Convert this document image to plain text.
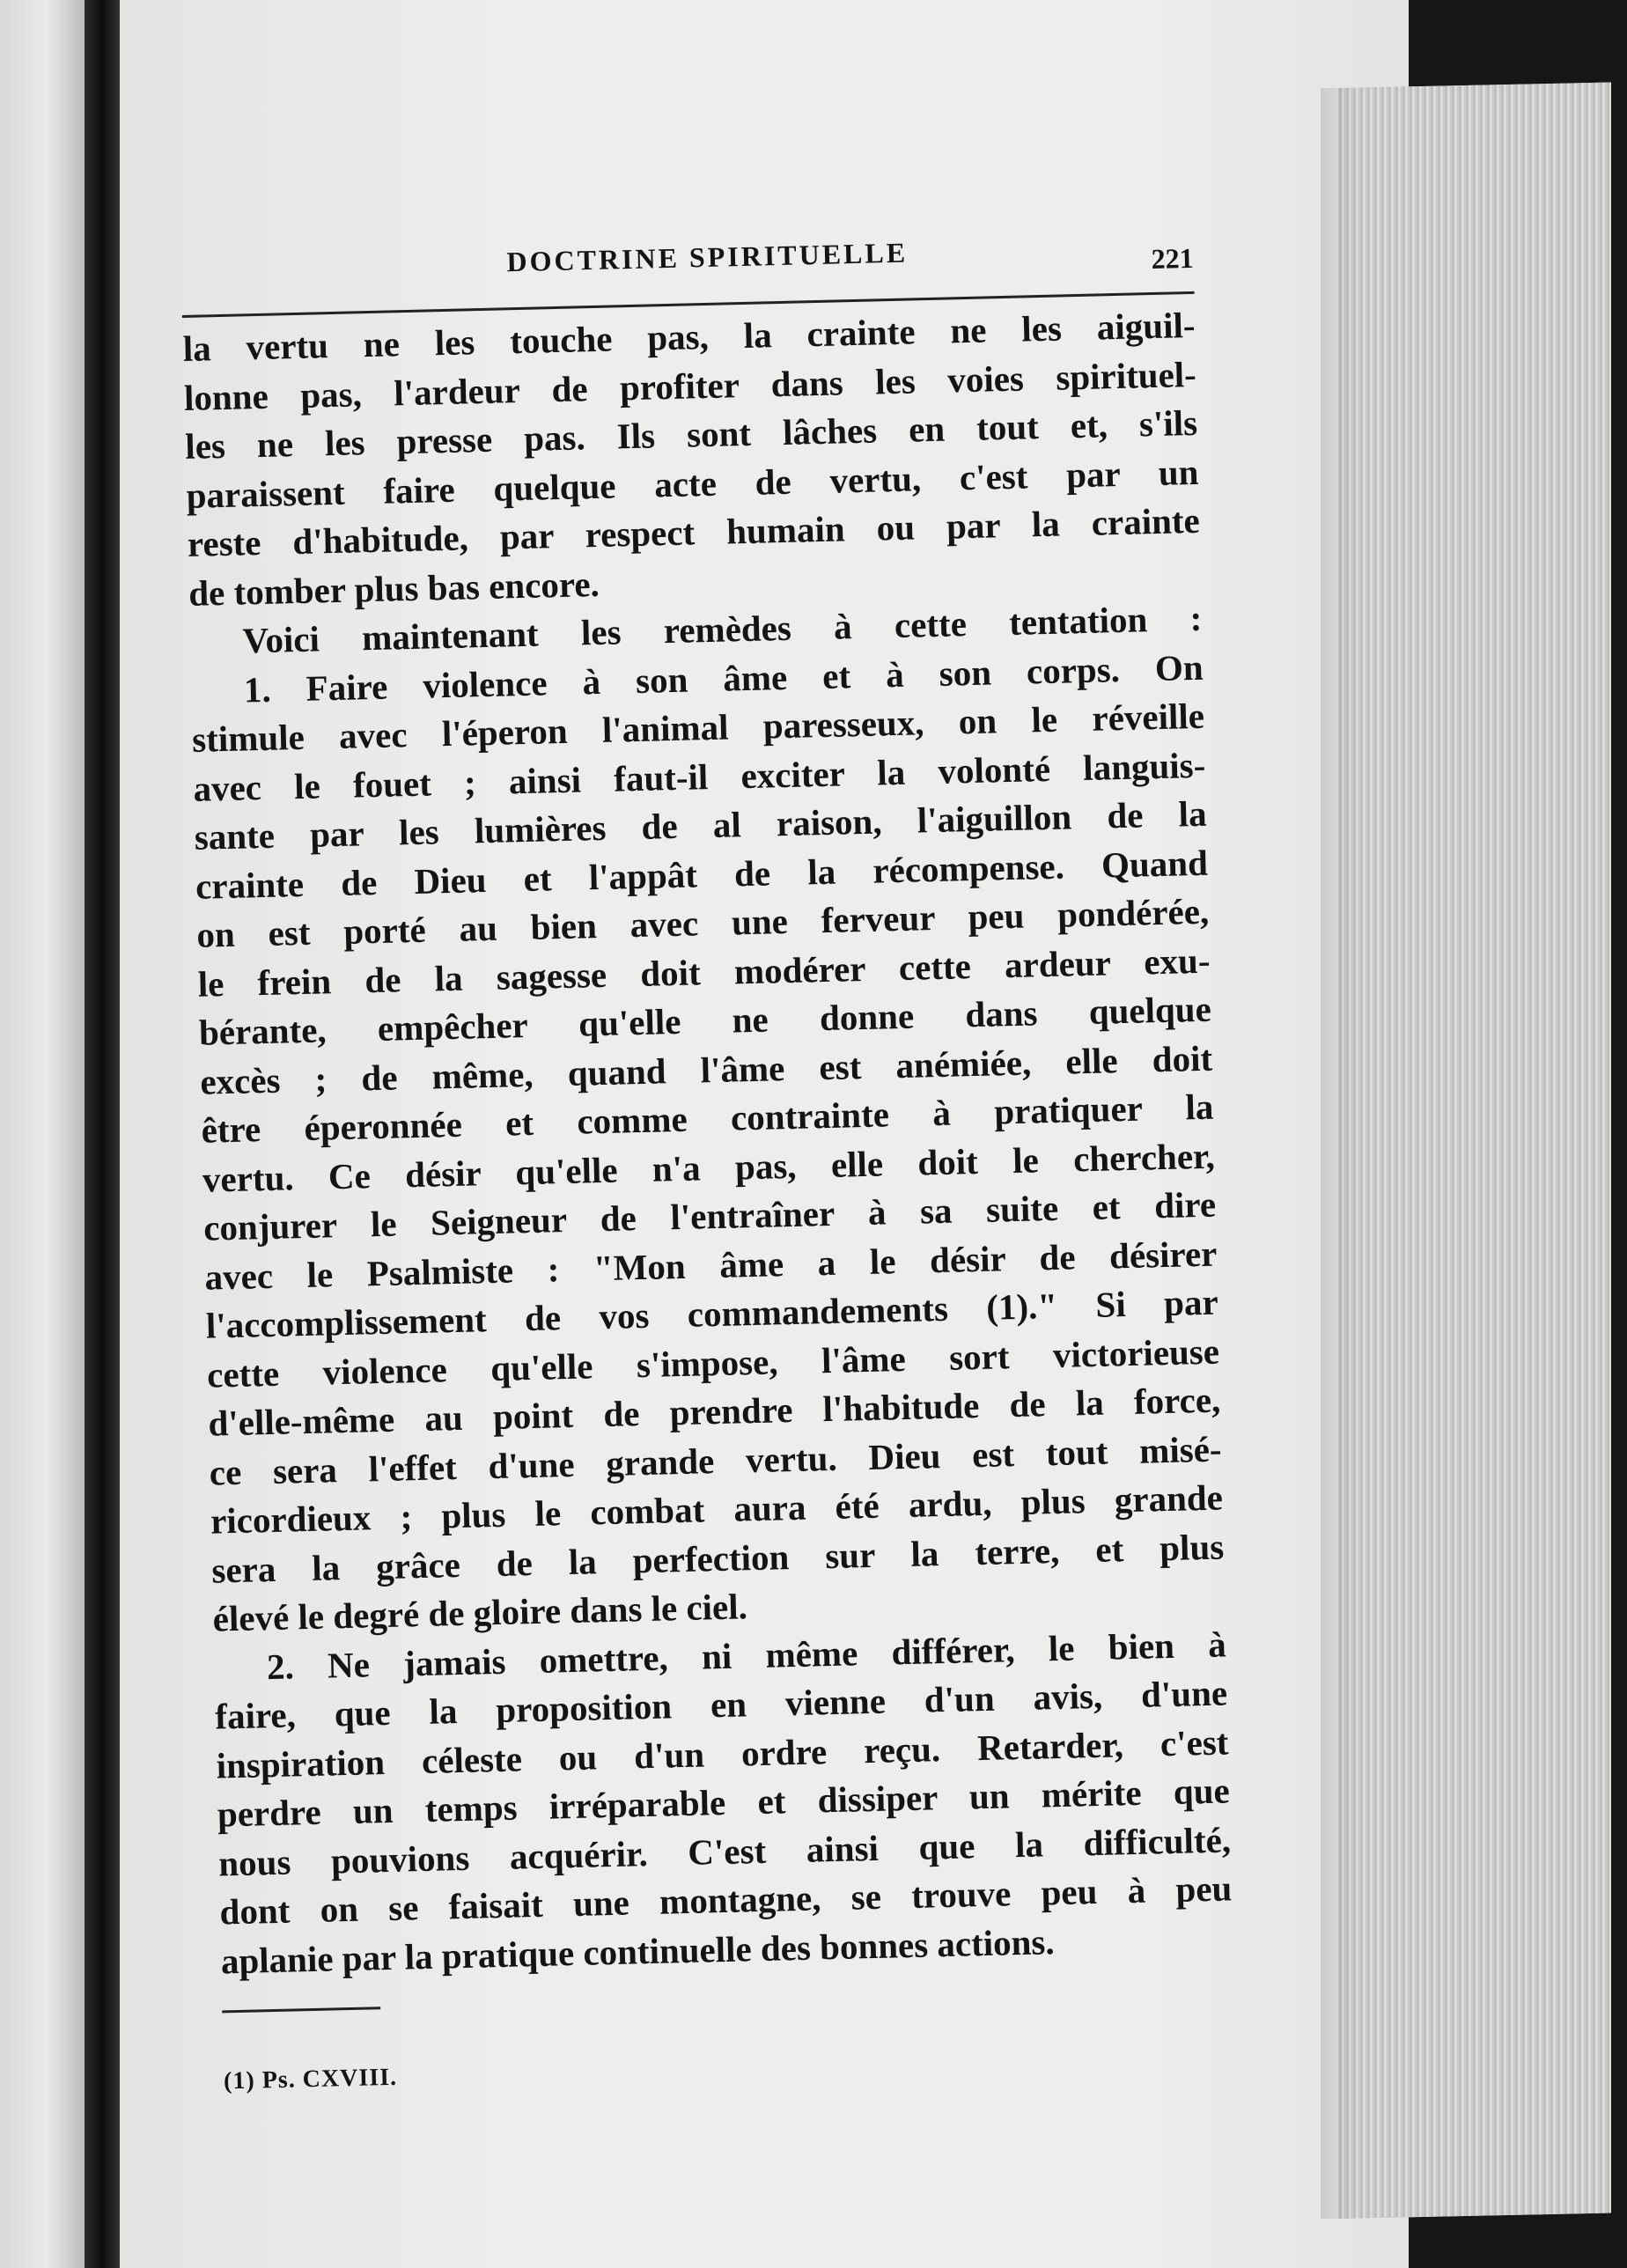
DOCTRINE SPIRITUELLE	221
la vertu ne les touche pas, la crainte ne les aiguil-
lonne pas, l'ardeur de profiter dans les voies spirituel-
les ne les presse pas. Ils sont lâches en tout et, s'ils
paraissent faire quelque acte de vertu, c'est par un
reste d'habitude, par respect humain ou par la crainte
de tomber plus bas encore.
Voici maintenant les remèdes à cette tentation :
1. Faire violence à son âme et à son corps. On
stimule avec l'éperon l'animal paresseux, on le réveille
avec le fouet ; ainsi faut-il exciter la volonté languis-
sante par les lumières de al raison, l'aiguillon de la
crainte de Dieu et l'appât de la récompense. Quand
on est porté au bien avec une ferveur peu pondérée,
le frein de la sagesse doit modérer cette ardeur exu-
bérante, empêcher qu'elle ne donne dans quelque
excès ; de même, quand l'âme est anémiée, elle doit
être éperonnée et comme contrainte à pratiquer la
vertu. Ce désir qu'elle n'a pas, elle doit le chercher,
conjurer le Seigneur de l'entraîner à sa suite et dire
avec le Psalmiste : "Mon âme a le désir de désirer
l'accomplissement de vos commandements (1)." Si par
cette violence qu'elle s'impose, l'âme sort victorieuse
d'elle-même au point de prendre l'habitude de la force,
ce sera l'effet d'une grande vertu. Dieu est tout misé-
ricordieux ; plus le combat aura été ardu, plus grande
sera la grâce de la perfection sur la terre, et plus
élevé le degré de gloire dans le ciel.
2. Ne jamais omettre, ni même différer, le bien à
faire, que la proposition en vienne d'un avis, d'une
inspiration céleste ou d'un ordre reçu. Retarder, c'est
perdre un temps irréparable et dissiper un mérite que
nous pouvions acquérir. C'est ainsi que la difficulté,
dont on se faisait une montagne, se trouve peu à peu
aplanie par la pratique continuelle des bonnes actions.
(1) Ps. CXVIII.
